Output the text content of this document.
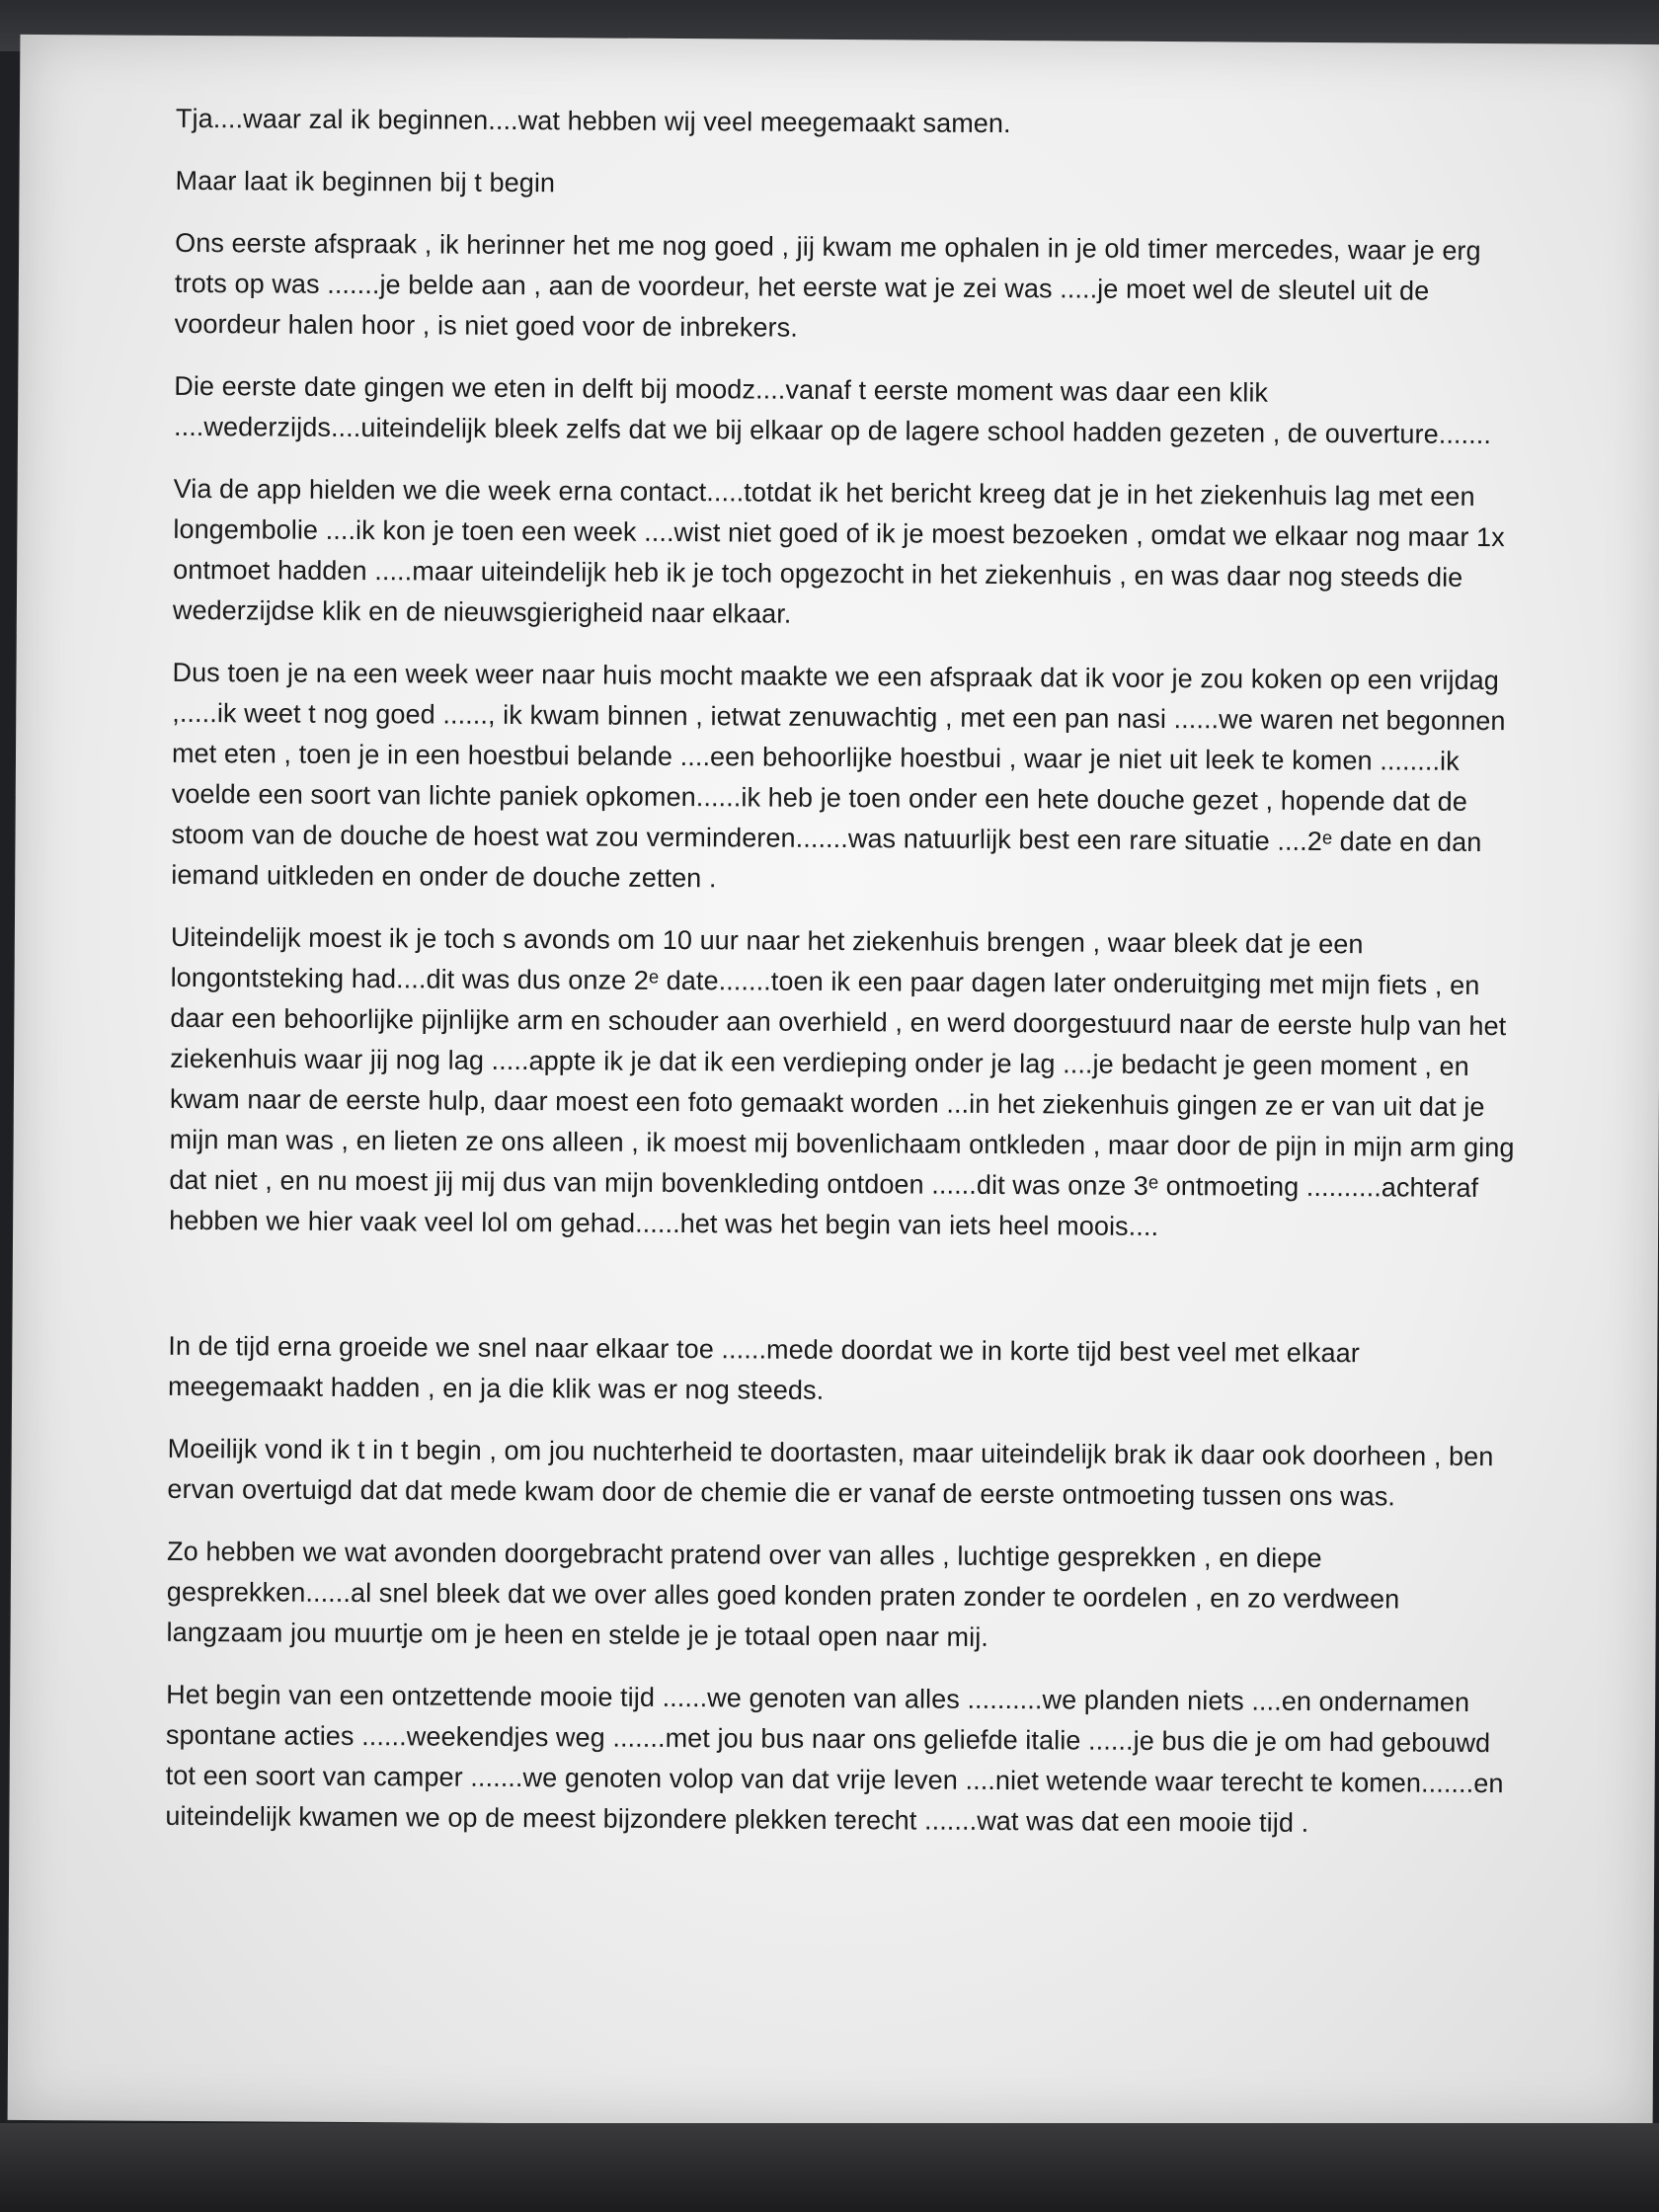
Tja....waar zal ik beginnen....wat hebben wij veel meegemaakt samen.

Maar laat ik beginnen bij t begin

Ons eerste afspraak , ik herinner het me nog goed , jij kwam me ophalen in je old timer mercedes, waar je erg trots op was .......je belde aan , aan de voordeur, het eerste wat je zei was .....je moet wel de sleutel uit de voordeur halen hoor , is niet goed voor de inbrekers.

Die eerste date gingen we eten in delft bij moodz....vanaf t eerste moment was daar een klik ....wederzijds....uiteindelijk bleek zelfs dat we bij elkaar op de lagere school hadden gezeten , de ouverture.......

Via de app hielden we die week erna contact.....totdat ik het bericht kreeg dat je in het ziekenhuis lag met een longembolie ....ik kon je toen een week ....wist niet goed of ik je moest bezoeken , omdat we elkaar nog maar 1x ontmoet hadden .....maar uiteindelijk heb ik je toch opgezocht in het ziekenhuis , en was daar nog steeds die wederzijdse klik en de nieuwsgierigheid naar elkaar.

Dus toen je na een week weer naar huis mocht maakte we een afspraak dat ik voor je zou koken op een vrijdag ,.....ik weet t nog goed ......, ik kwam binnen , ietwat zenuwachtig , met een pan nasi ......we waren net begonnen met eten , toen je in een hoestbui belande ....een behoorlijke hoestbui , waar je niet uit leek te komen ........ik voelde een soort van lichte paniek opkomen......ik heb je toen onder een hete douche gezet , hopende dat de stoom van de douche de hoest wat zou verminderen.......was natuurlijk best een rare situatie ....2ᵉ date en dan iemand uitkleden en onder de douche zetten .

Uiteindelijk moest ik je toch s avonds om 10 uur naar het ziekenhuis brengen , waar bleek dat je een longontsteking had....dit was dus onze 2ᵉ date.......toen ik een paar dagen later onderuitging met mijn fiets , en daar een behoorlijke pijnlijke arm en schouder aan overhield , en werd doorgestuurd naar de eerste hulp van het ziekenhuis waar jij nog lag .....appte ik je dat ik een verdieping onder je lag ....je bedacht je geen moment , en kwam naar de eerste hulp, daar moest een foto gemaakt worden ...in het ziekenhuis gingen ze er van uit dat je mijn man was , en lieten ze ons alleen , ik moest mij bovenlichaam ontkleden , maar door de pijn in mijn arm ging dat niet , en nu moest jij mij dus van mijn bovenkleding ontdoen ......dit was onze 3ᵉ ontmoeting ..........achteraf hebben we hier vaak veel lol om gehad......het was het begin van iets heel moois....

In de tijd erna groeide we snel naar elkaar toe ......mede doordat we in korte tijd best veel met elkaar meegemaakt hadden , en ja die klik was er nog steeds.

Moeilijk vond ik t in t begin , om jou nuchterheid te doortasten, maar uiteindelijk brak ik daar ook doorheen , ben ervan overtuigd dat dat mede kwam door de chemie die er vanaf de eerste ontmoeting tussen ons was.

Zo hebben we wat avonden doorgebracht pratend over van alles , luchtige gesprekken , en diepe gesprekken......al snel bleek dat we over alles goed konden praten zonder te oordelen , en zo verdween langzaam jou muurtje om je heen en stelde je je totaal open naar mij.

Het begin van een ontzettende mooie tijd ......we genoten van alles ..........we planden niets ....en ondernamen spontane acties ......weekendjes weg .......met jou bus naar ons geliefde italie ......je bus die je om had gebouwd tot een soort van camper .......we genoten volop van dat vrije leven ....niet wetende waar terecht te komen.......en uiteindelijk kwamen we op de meest bijzondere plekken terecht .......wat was dat een mooie tijd .
